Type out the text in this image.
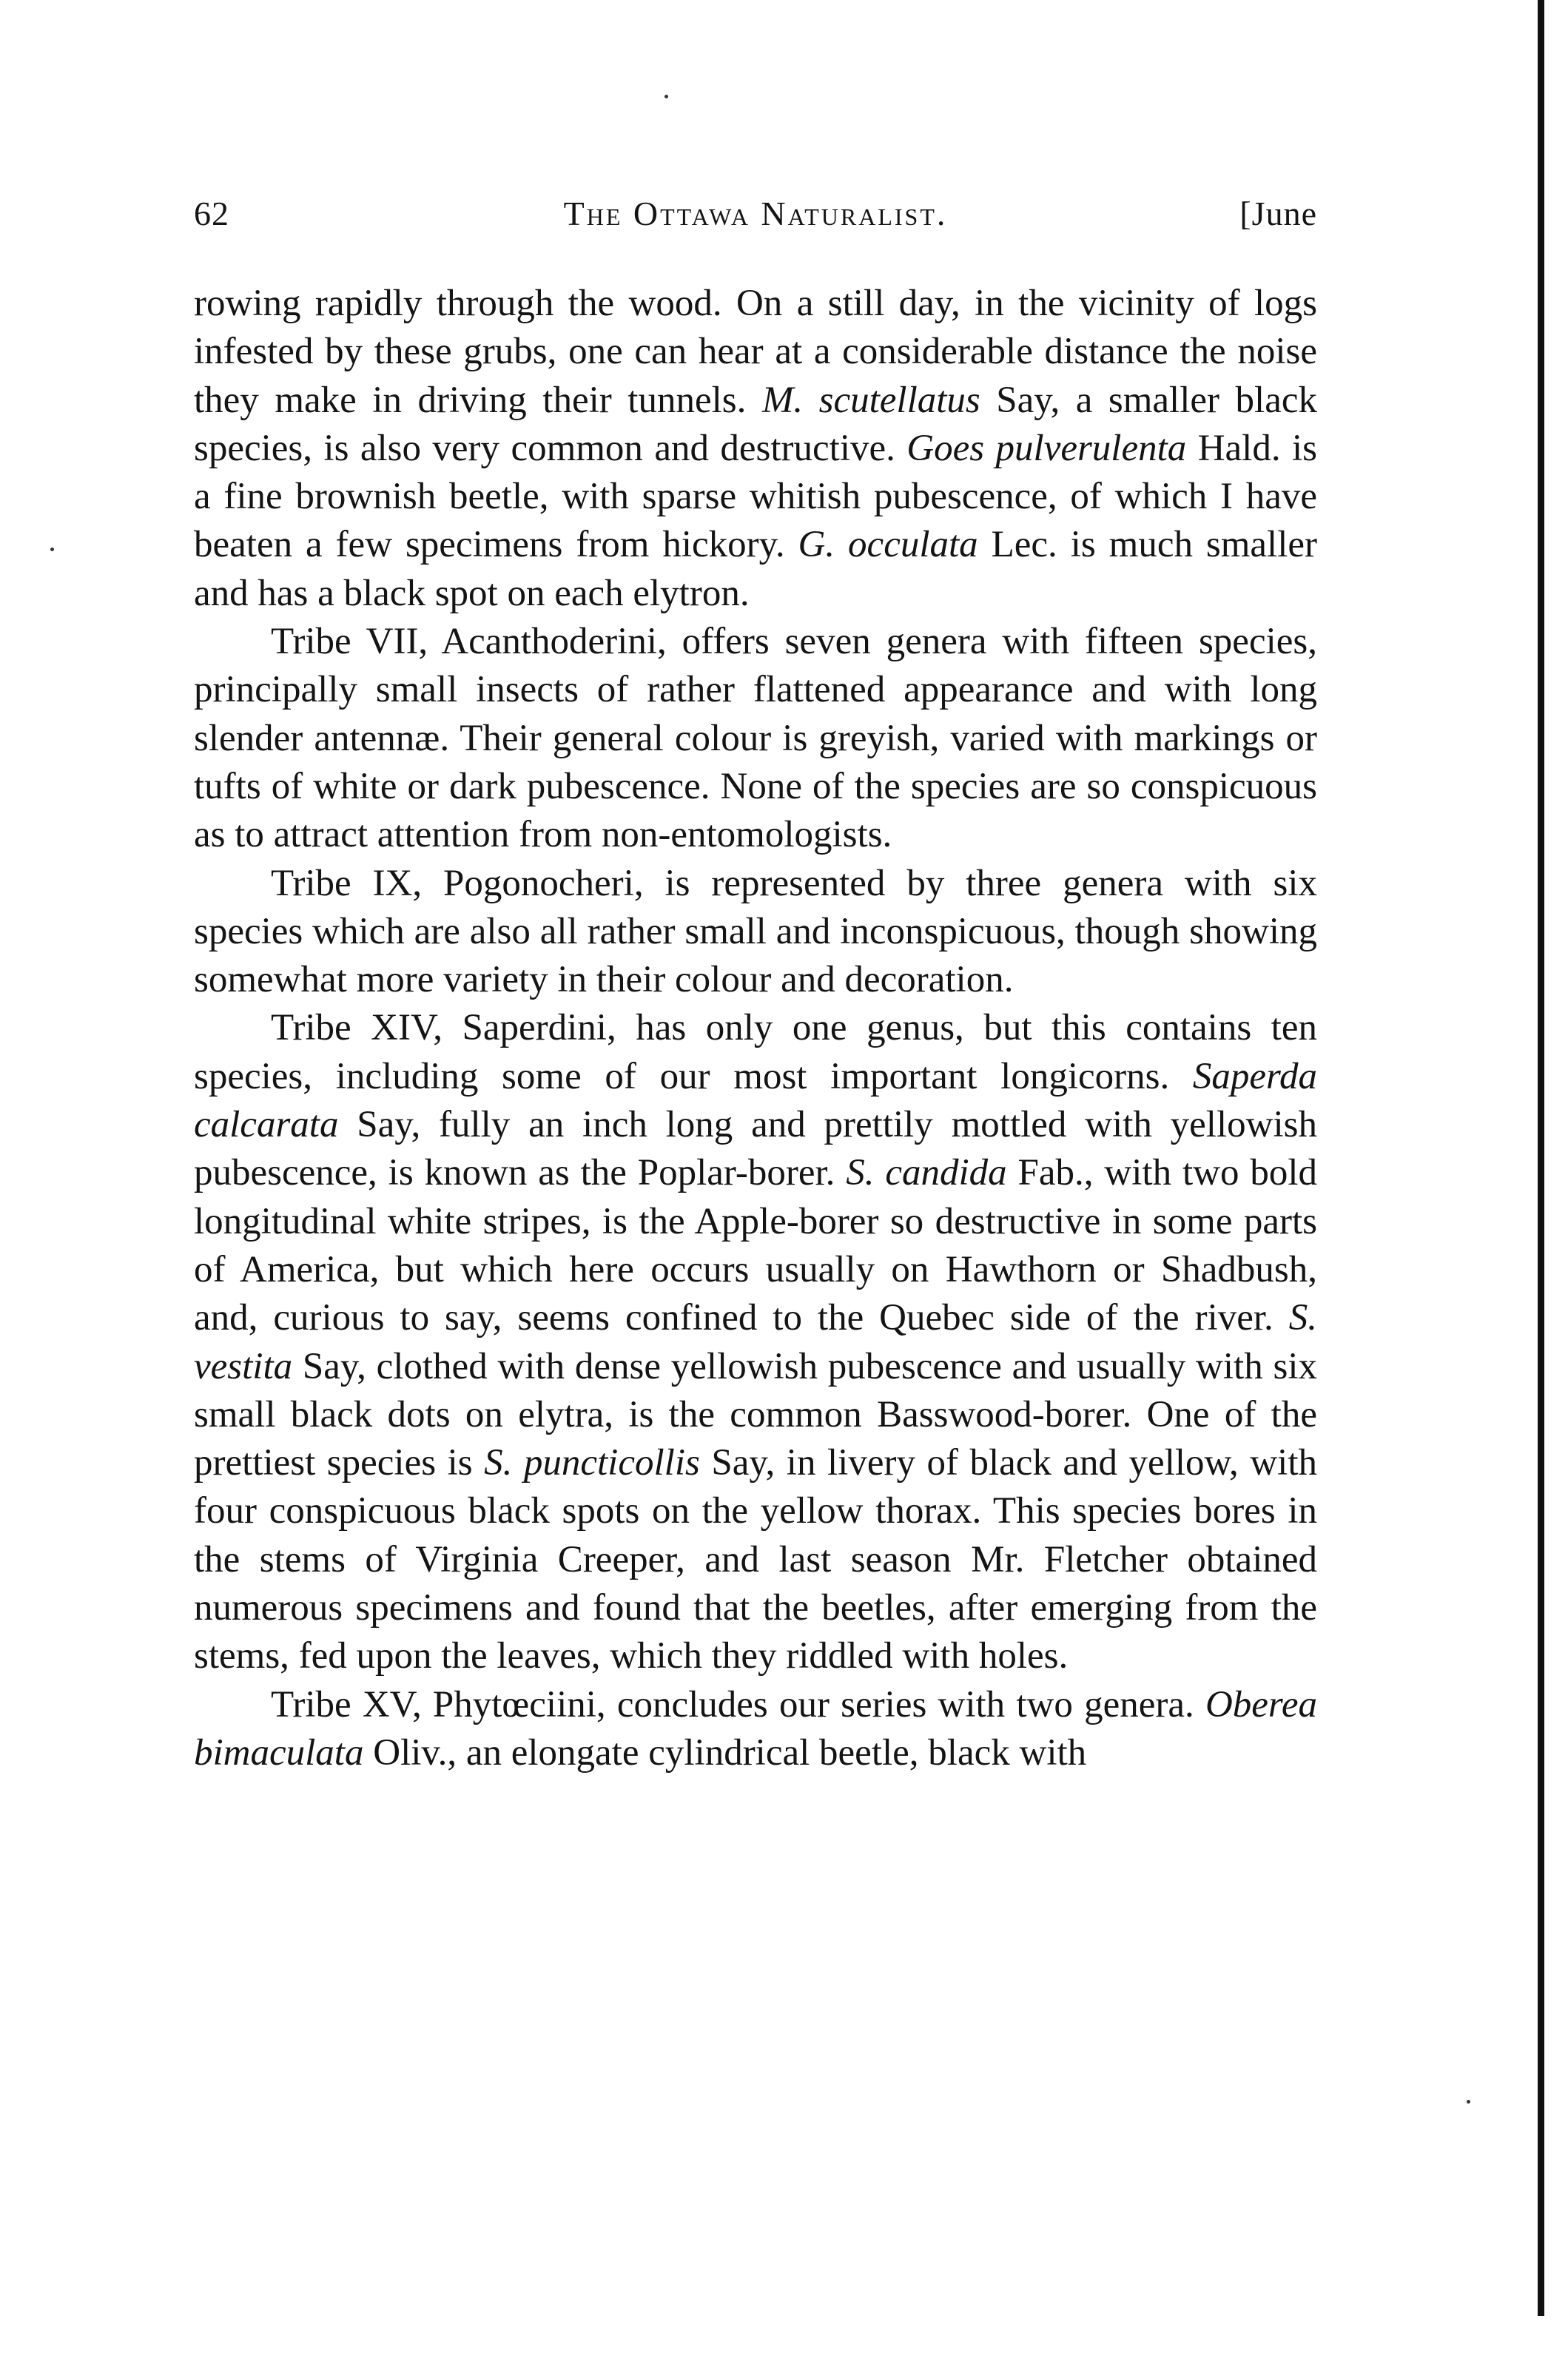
62	The Ottawa Naturalist.	[June

rowing rapidly through the wood. On a still day, in the vicinity of logs infested by these grubs, one can hear at a considerable distance the noise they make in driving their tunnels. M. scutellatus Say, a smaller black species, is also very common and destructive. Goes pulverulenta Hald. is a fine brownish beetle, with sparse whitish pubescence, of which I have beaten a few specimens from hickory. G. occulata Lec. is much smaller and has a black spot on each elytron.

Tribe VII, Acanthoderini, offers seven genera with fifteen species, principally small insects of rather flattened appearance and with long slender antennæ. Their general colour is greyish, varied with markings or tufts of white or dark pubescence. None of the species are so conspicuous as to attract attention from non-entomologists.

Tribe IX, Pogonocheri, is represented by three genera with six species which are also all rather small and inconspicuous, though showing somewhat more variety in their colour and decoration.

Tribe XIV, Saperdini, has only one genus, but this contains ten species, including some of our most important longicorns. Saperda calcarata Say, fully an inch long and prettily mottled with yellowish pubescence, is known as the Poplar-borer. S. candida Fab., with two bold longitudinal white stripes, is the Apple-borer so destructive in some parts of America, but which here occurs usually on Hawthorn or Shadbush, and, curious to say, seems confined to the Quebec side of the river. S. vestita Say, clothed with dense yellowish pubescence and usually with six small black dots on elytra, is the common Basswood-borer. One of the prettiest species is S. puncticollis Say, in livery of black and yellow, with four conspicuous black spots on the yellow thorax. This species bores in the stems of Virginia Creeper, and last season Mr. Fletcher obtained numerous specimens and found that the beetles, after emerging from the stems, fed upon the leaves, which they riddled with holes.

Tribe XV, Phytœciini, concludes our series with two genera. Oberea bimaculata Oliv., an elongate cylindrical beetle, black with
